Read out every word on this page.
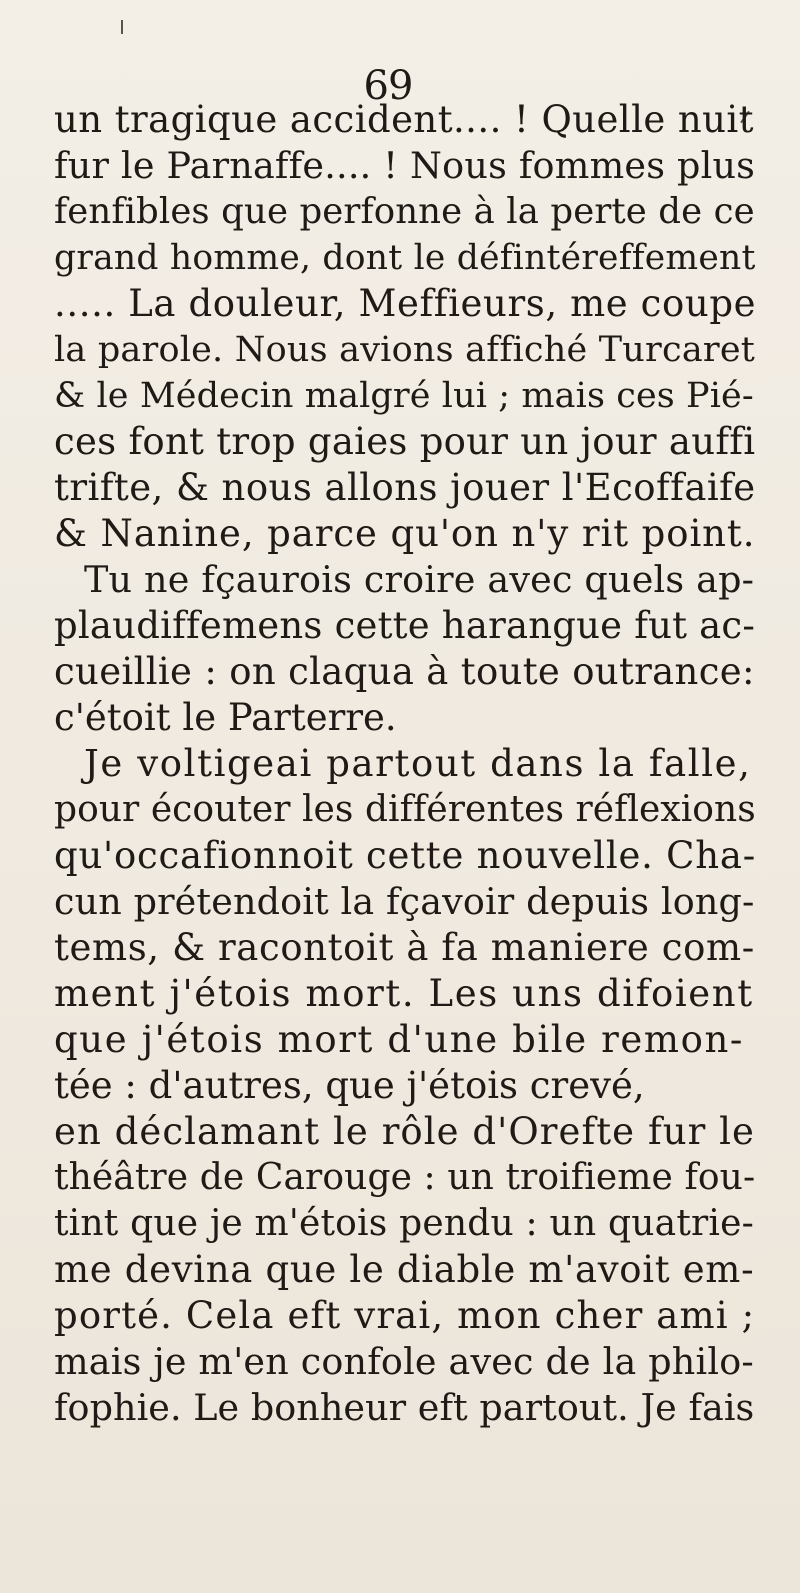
69
un tragique accident.... ! Quelle nuit
fur le Parnaffe.... ! Nous fommes plus
fenfibles que perfonne à la perte de ce
grand homme, dont le défintéreffement
..... La douleur, Meffieurs, me coupe
la parole. Nous avions affiché Turcaret
& le Médecin malgré lui ; mais ces Pié-
ces font trop gaies pour un jour auffi
trifte, & nous allons jouer l'Ecoffaife
& Nanine, parce qu'on n'y rit point.
Tu ne fçaurois croire avec quels ap-
plaudiffemens cette harangue fut ac-
cueillie : on claqua à toute outrance:
c'étoit le Parterre.
Je voltigeai partout dans la falle,
pour écouter les différentes réflexions
qu'occafionnoit cette nouvelle. Cha-
cun prétendoit la fçavoir depuis long-
tems, & racontoit à fa maniere com-
ment j'étois mort. Les uns difoient
que j'étois mort d'une bile remon-
tée : d'autres, que j'étois crevé,
en déclamant le rôle d'Orefte fur le
théâtre de Carouge : un troifieme fou-
tint que je m'étois pendu : un quatrie-
me devina que le diable m'avoit em-
porté. Cela eft vrai, mon cher ami ;
mais je m'en confole avec de la philo-
fophie. Le bonheur eft partout. Je fais
